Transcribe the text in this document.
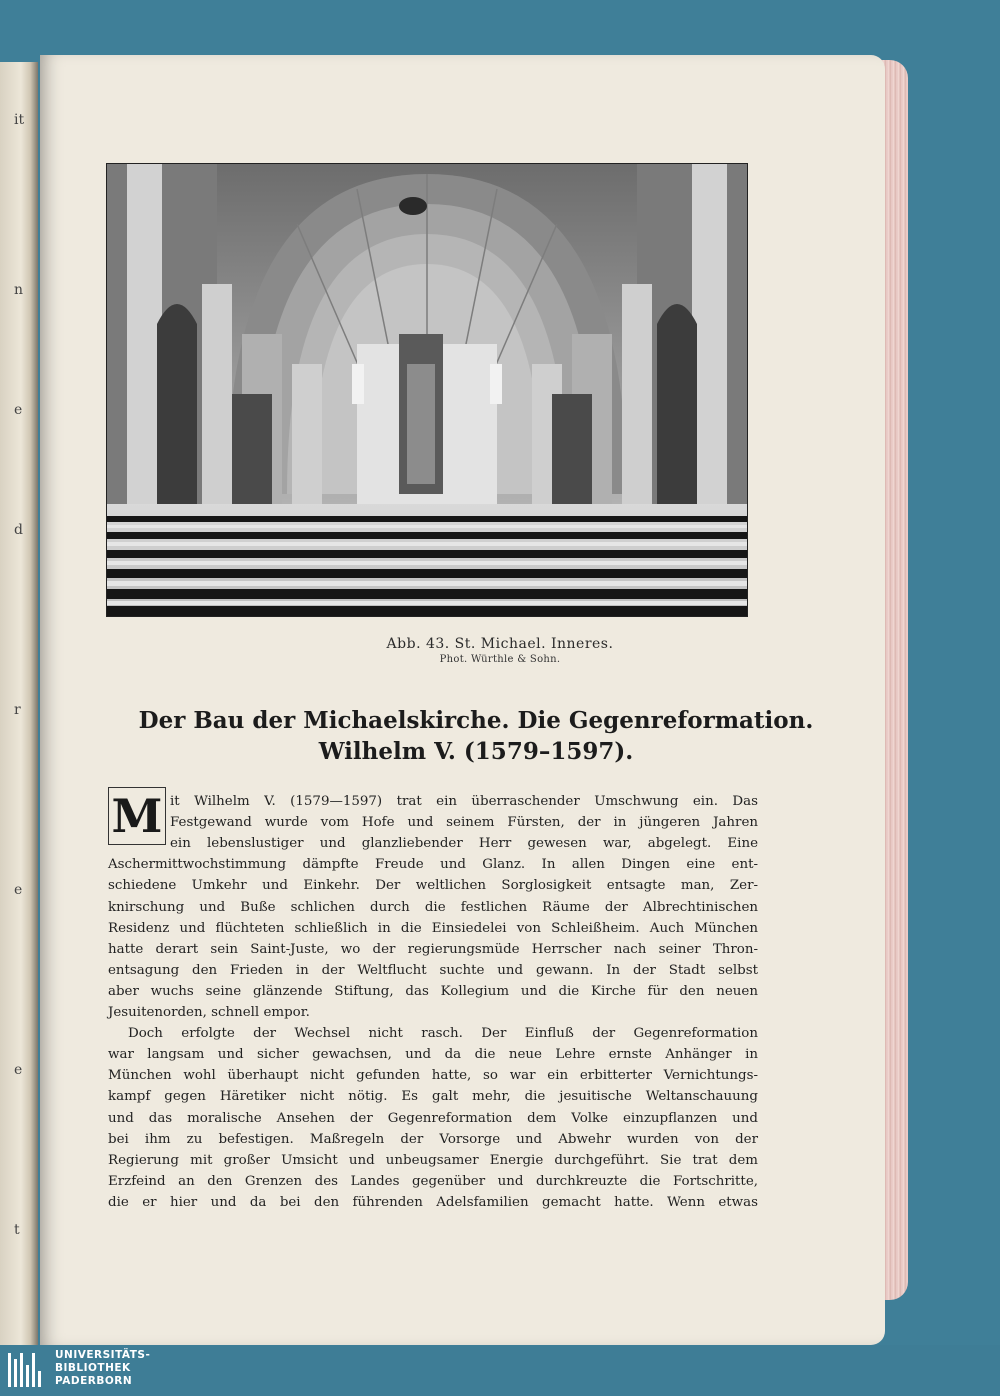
it
n
e
d
r
e
e
t
Abb. 43. St. Michael. Inneres.
Phot. Würthle & Sohn.
Der Bau der Michaelskirche. Die Gegenreformation.
Wilhelm V. (1579–1597).
M it Wilhelm V. (1579—1597) trat ein überraschender Umschwung ein. Das
Festgewand wurde vom Hofe und seinem Fürsten, der in jüngeren Jahren
ein lebenslustiger und glanzliebender Herr gewesen war, abgelegt. Eine
Aschermittwochstimmung dämpfte Freude und Glanz. In allen Dingen eine ent-
schiedene Umkehr und Einkehr. Der weltlichen Sorglosigkeit entsagte man, Zer-
knirschung und Buße schlichen durch die festlichen Räume der Albrechtinischen
Residenz und flüchteten schließlich in die Einsiedelei von Schleißheim. Auch München
hatte derart sein Saint-Juste, wo der regierungsmüde Herrscher nach seiner Thron-
entsagung den Frieden in der Weltflucht suchte und gewann. In der Stadt selbst
aber wuchs seine glänzende Stiftung, das Kollegium und die Kirche für den neuen
Jesuitenorden, schnell empor.
Doch erfolgte der Wechsel nicht rasch. Der Einfluß der Gegenreformation
war langsam und sicher gewachsen, und da die neue Lehre ernste Anhänger in
München wohl überhaupt nicht gefunden hatte, so war ein erbitterter Vernichtungs-
kampf gegen Häretiker nicht nötig. Es galt mehr, die jesuitische Weltanschauung
und das moralische Ansehen der Gegenreformation dem Volke einzupflanzen und
bei ihm zu befestigen. Maßregeln der Vorsorge und Abwehr wurden von der
Regierung mit großer Umsicht und unbeugsamer Energie durchgeführt. Sie trat dem
Erzfeind an den Grenzen des Landes gegenüber und durchkreuzte die Fortschritte,
die er hier und da bei den führenden Adelsfamilien gemacht hatte. Wenn etwas
UNIVERSITÄTS-
BIBLIOTHEK
PADERBORN
